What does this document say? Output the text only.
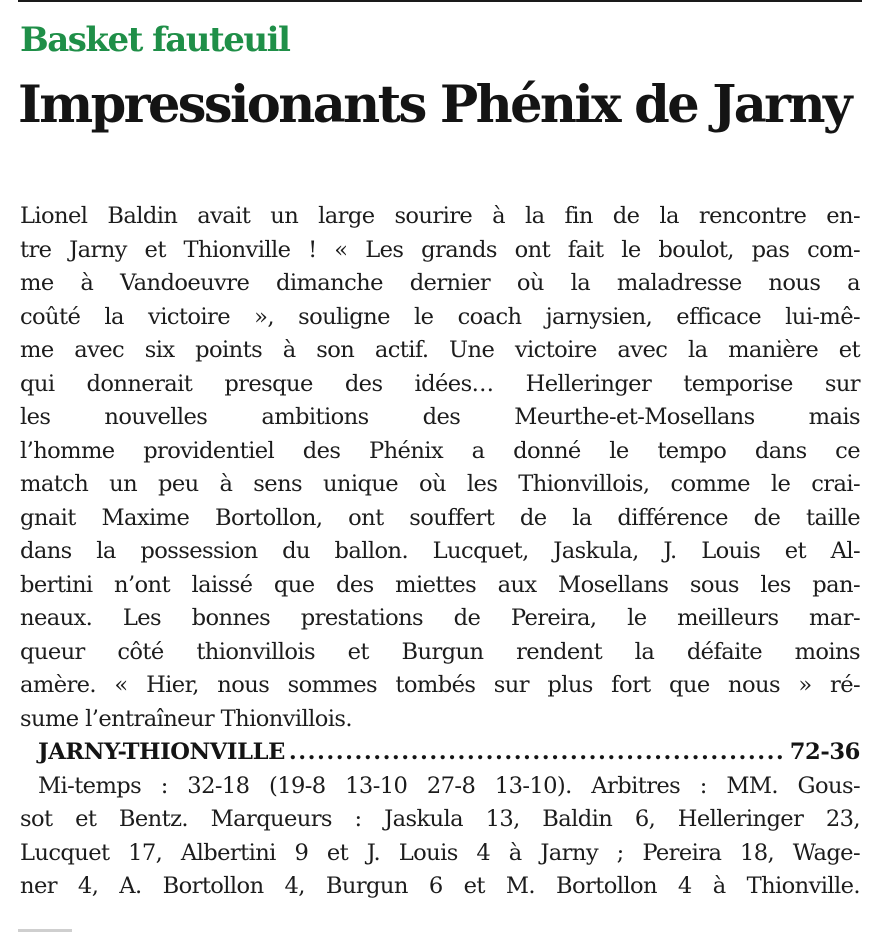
Basket fauteuil
Impressionants Phénix de Jarny
Lionel Baldin avait un large sourire à la fin de la rencontre en-
tre Jarny et Thionville ! « Les grands ont fait le boulot, pas com-
me à Vandoeuvre dimanche dernier où la maladresse nous a
coûté la victoire », souligne le coach jarnysien, efficace lui-mê-
me avec six points à son actif. Une victoire avec la manière et
qui donnerait presque des idées… Helleringer temporise sur
les nouvelles ambitions des Meurthe-et-Mosellans mais
l’homme providentiel des Phénix a donné le tempo dans ce
match un peu à sens unique où les Thionvillois, comme le crai-
gnait Maxime Bortollon, ont souffert de la différence de taille
dans la possession du ballon. Lucquet, Jaskula, J. Louis et Al-
bertini n’ont laissé que des miettes aux Mosellans sous les pan-
neaux. Les bonnes prestations de Pereira, le meilleurs mar-
queur côté thionvillois et Burgun rendent la défaite moins
amère. « Hier, nous sommes tombés sur plus fort que nous » ré-
sume l’entraîneur Thionvillois.
JARNY-THIONVILLE
.....	72-36
Mi-temps : 32-18 (19-8 13-10 27-8 13-10). Arbitres : MM. Gous-
sot et Bentz. Marqueurs : Jaskula 13, Baldin 6, Helleringer 23,
Lucquet 17, Albertini 9 et J. Louis 4 à Jarny ; Pereira 18, Wage-
ner 4, A. Bortollon 4, Burgun 6 et M. Bortollon 4 à Thionville.
